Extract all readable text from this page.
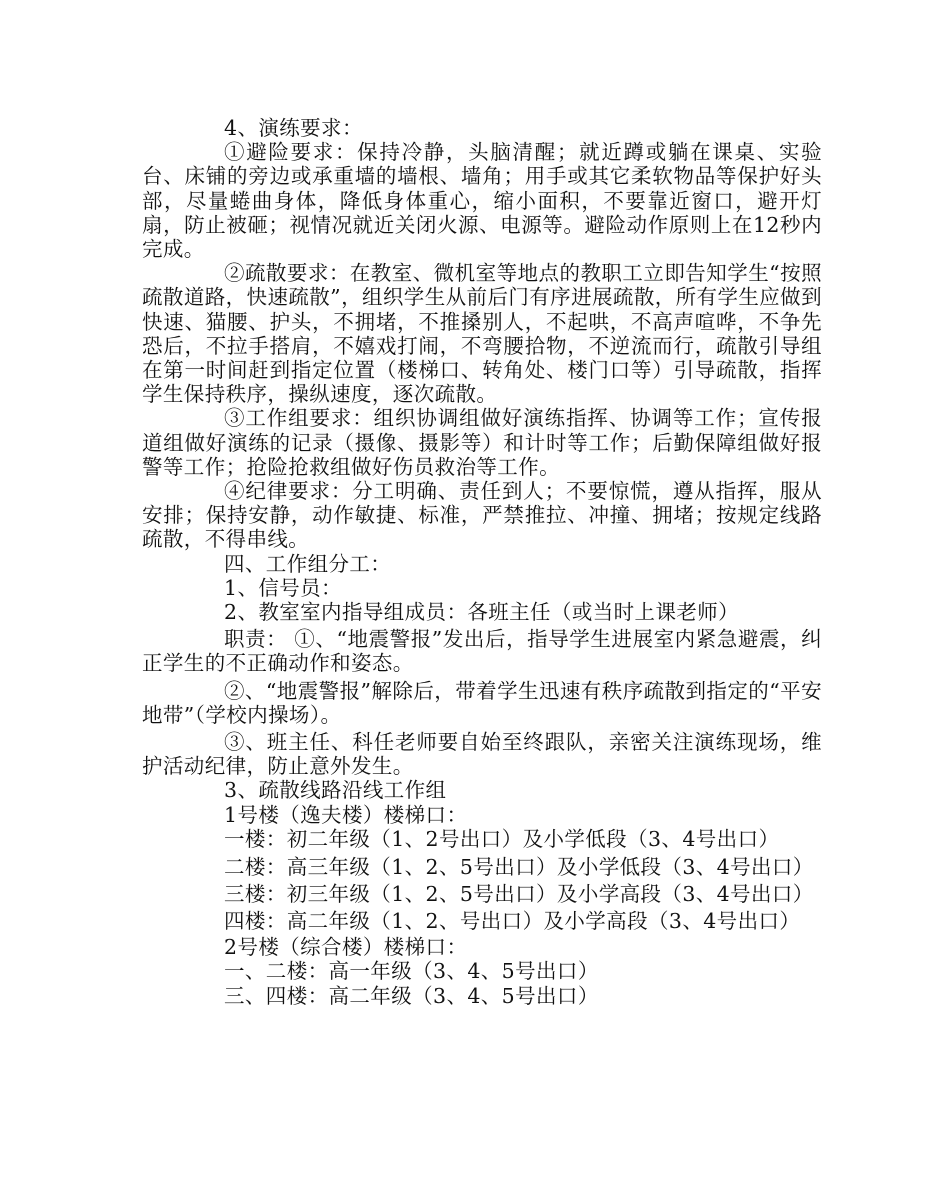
4、演练要求：

①避险要求：保持冷静，头脑清醒；就近蹲或躺在课桌、实验台、床铺的旁边或承重墙的墙根、墙角；用手或其它柔软物品等保护好头部，尽量蜷曲身体，降低身体重心，缩小面积，不要靠近窗口，避开灯扇，防止被砸；视情况就近关闭火源、电源等。避险动作原则上在12秒内完成。

②疏散要求：在教室、微机室等地点的教职工立即告知学生“按照疏散道路，快速疏散”，组织学生从前后门有序进展疏散，所有学生应做到快速、猫腰、护头，不拥堵，不推搡别人，不起哄，不高声喧哗，不争先恐后，不拉手搭肩，不嬉戏打闹，不弯腰拾物，不逆流而行，疏散引导组在第一时间赶到指定位置（楼梯口、转角处、楼门口等）引导疏散，指挥学生保持秩序，操纵速度，逐次疏散。

③工作组要求：组织协调组做好演练指挥、协调等工作；宣传报道组做好演练的记录（摄像、摄影等）和计时等工作；后勤保障组做好报警等工作；抢险抢救组做好伤员救治等工作。

④纪律要求：分工明确、责任到人；不要惊慌，遵从指挥，服从安排；保持安静，动作敏捷、标准，严禁推拉、冲撞、拥堵；按规定线路疏散，不得串线。

四、工作组分工：

1、信号员：

2、教室室内指导组成员：各班主任（或当时上课老师）

职责： ①、“地震警报”发出后，指导学生进展室内紧急避震，纠正学生的不正确动作和姿态。

②、“地震警报”解除后，带着学生迅速有秩序疏散到指定的“平安地带”（学校内操场）。

③、班主任、科任老师要自始至终跟队，亲密关注演练现场，维护活动纪律，防止意外发生。

3、疏散线路沿线工作组

1号楼（逸夫楼）楼梯口：

一楼：初二年级（1、2号出口）及小学低段（3、4号出口）

二楼：高三年级（1、2、5号出口）及小学低段（3、4号出口）

三楼：初三年级（1、2、5号出口）及小学高段（3、4号出口）

四楼：高二年级（1、2、号出口）及小学高段（3、4号出口）

2号楼（综合楼）楼梯口：

一、二楼：高一年级（3、4、5号出口）

三、四楼：高二年级（3、4、5号出口）
